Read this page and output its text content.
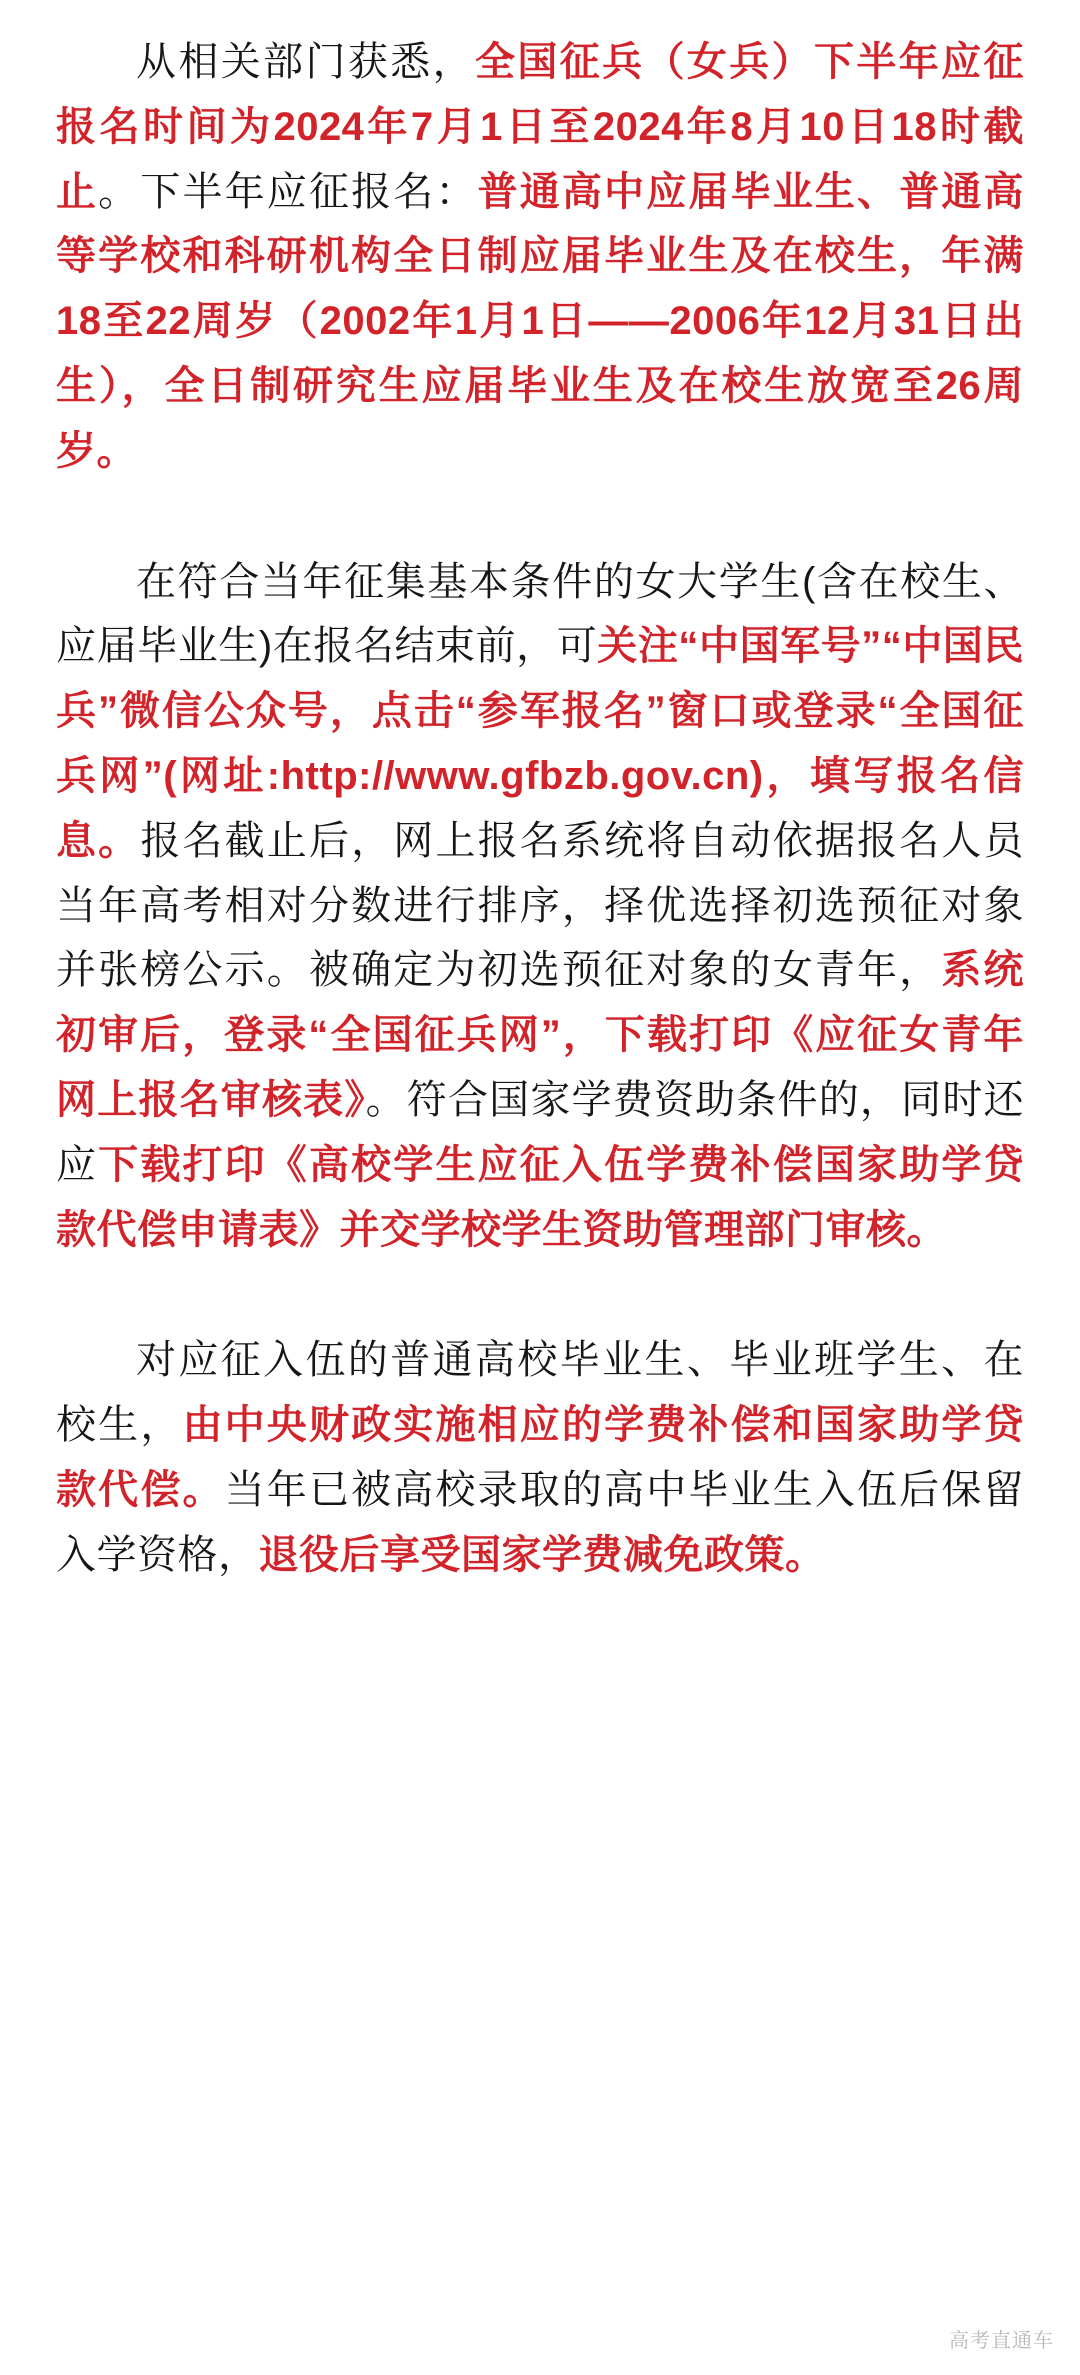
从相关部门获悉，全国征兵（女兵）下半年应征报名时间为2024年7月1日至2024年8月10日18时截止。下半年应征报名：普通高中应届毕业生、普通高等学校和科研机构全日制应届毕业生及在校生，年满18至22周岁（2002年1月1日——2006年12月31日出生），全日制研究生应届毕业生及在校生放宽至26周岁。

在符合当年征集基本条件的女大学生(含在校生、应届毕业生)在报名结束前，可关注“中国军号”“中国民兵”微信公众号，点击“参军报名”窗口或登录“全国征兵网”(网址:http://www.gfbzb.gov.cn)，填写报名信息。报名截止后，网上报名系统将自动依据报名人员当年高考相对分数进行排序，择优选择初选预征对象并张榜公示。被确定为初选预征对象的女青年，系统初审后，登录“全国征兵网”，下载打印《应征女青年网上报名审核表》。符合国家学费资助条件的，同时还应下载打印《高校学生应征入伍学费补偿国家助学贷款代偿申请表》并交学校学生资助管理部门审核。

对应征入伍的普通高校毕业生、毕业班学生、在校生，由中央财政实施相应的学费补偿和国家助学贷款代偿。当年已被高校录取的高中毕业生入伍后保留入学资格，退役后享受国家学费减免政策。

高考直通车
